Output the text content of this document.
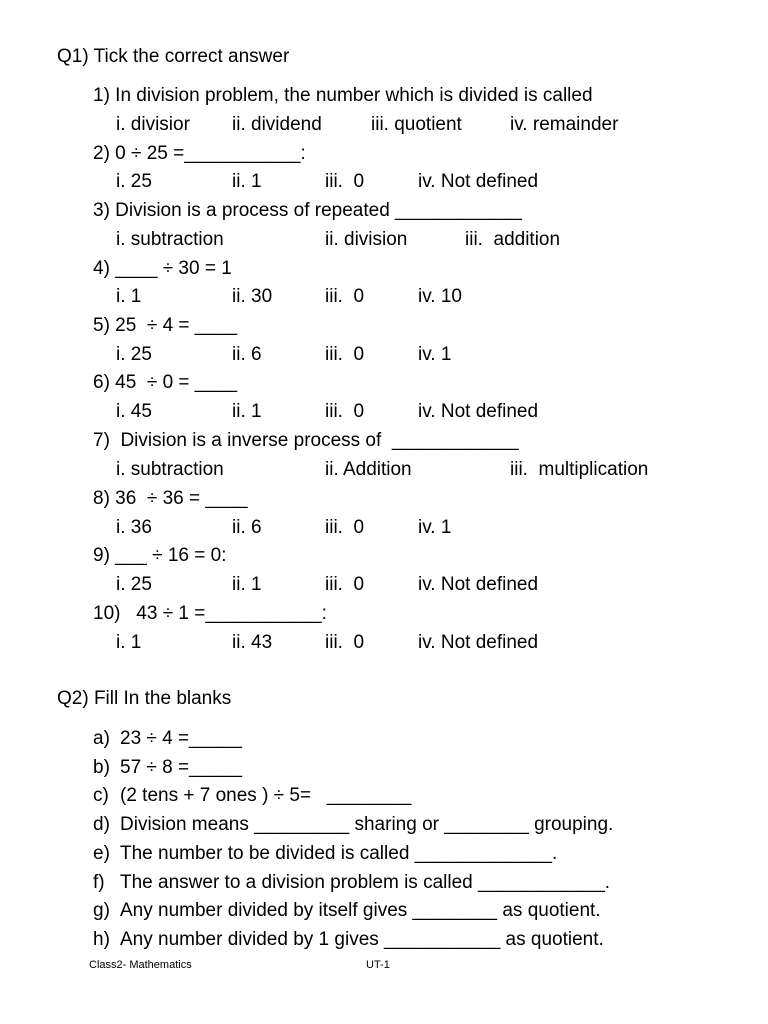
Q1) Tick the correct answer
1) In division problem, the number which is divided is called
i. divisior ii. dividend	iii. quotient	iv. remainder
2) 0 ÷ 25 =___________:
i. 25	ii. 1	iii.  0	iv. Not defined
3) Division is a process of repeated ____________
i. subtraction	ii. division	iii.  addition
4) ____ ÷ 30 = 1
i. 1	ii. 30	iii.  0	iv. 10
5) 25  ÷ 4 = ____
i. 25	ii. 6	iii.  0	iv. 1
6) 45  ÷ 0 = ____
i. 45	ii. 1	iii.  0	iv. Not defined
7)  Division is a inverse process of  ____________
i. subtraction	ii. Addition	iii.  multiplication
8) 36  ÷ 36 = ____
i. 36	ii. 6	iii.  0	iv. 1
9) ___ ÷ 16 = 0:
i. 25	ii. 1	iii.  0	iv. Not defined
10)   43 ÷ 1 =___________:
i. 1	ii. 43	iii.  0	iv. Not defined
Q2) Fill In the blanks
a) 23 ÷ 4 =_____
b) 57 ÷ 8 =_____
c) (2 tens + 7 ones ) ÷ 5=   ________
d) Division means _________ sharing or ________ grouping.
e) The number to be divided is called _____________.
f) The answer to a division problem is called ____________.
g) Any number divided by itself gives ________ as quotient.
h) Any number divided by 1 gives ___________ as quotient.
Class2- Mathematics	UT-1
